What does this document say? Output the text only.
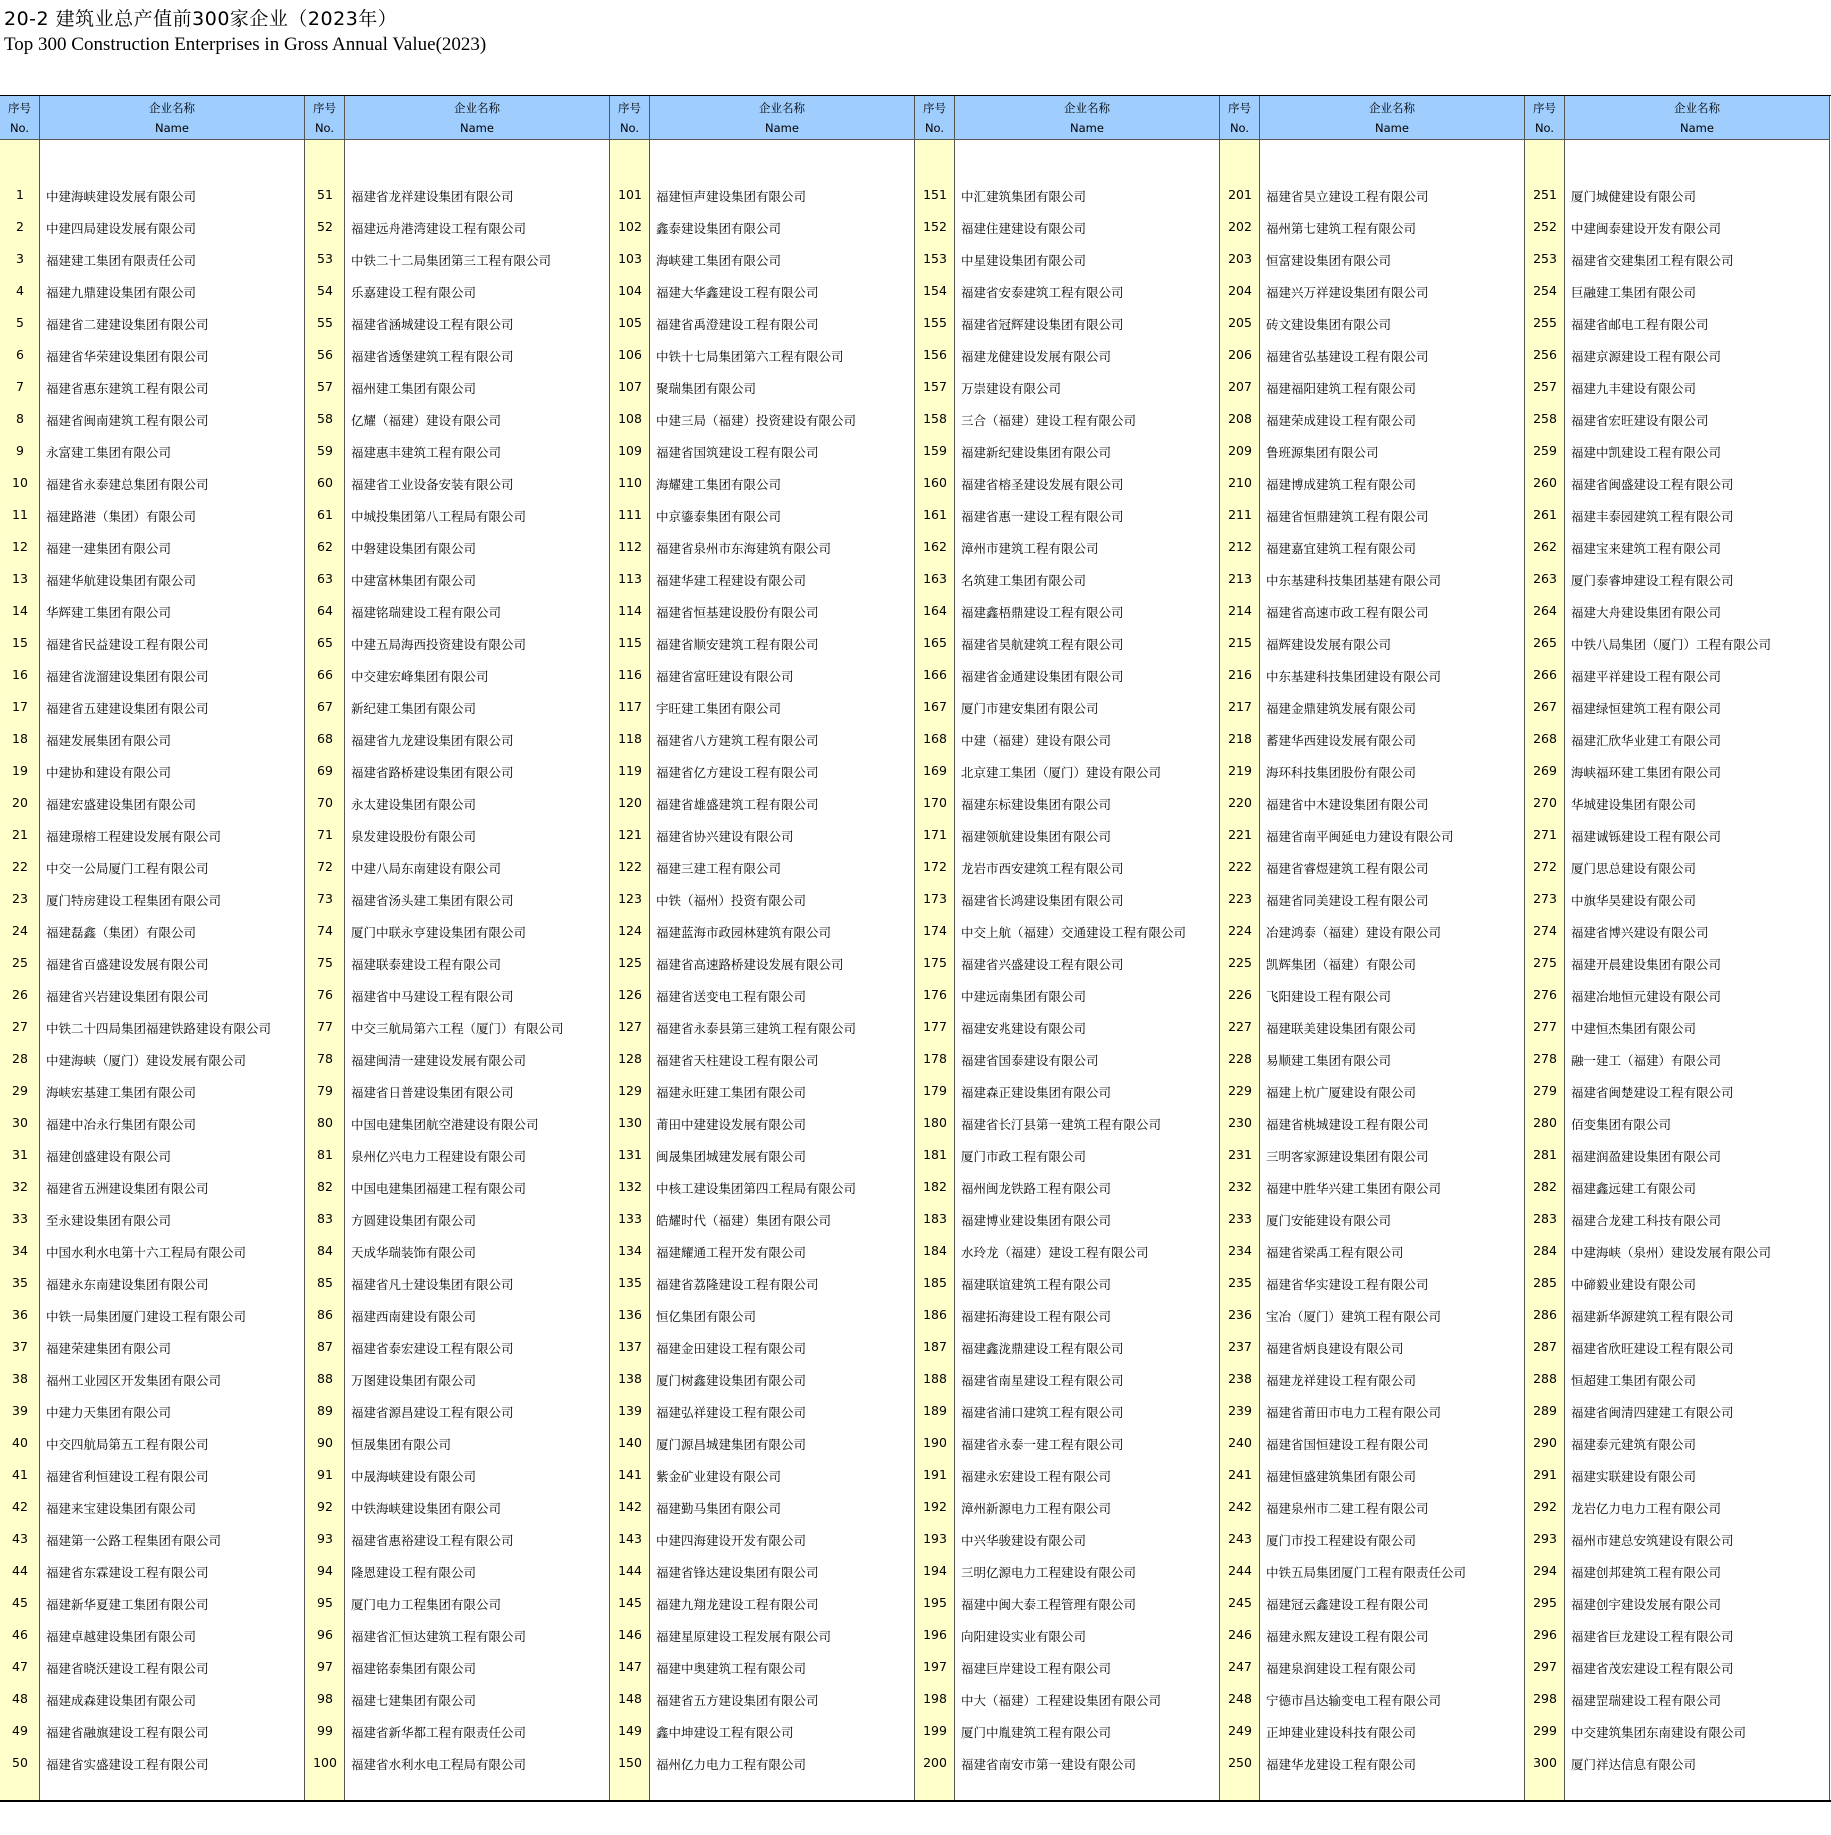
20-2 建筑业总产值前300家企业（2023年）
Top 300 Construction Enterprises in Gross Annual Value(2023)
序号
No.
企业名称
Name
1	中建海峡建设发展有限公司
2	中建四局建设发展有限公司
3	福建建工集团有限责任公司
4	福建九鼎建设集团有限公司
5	福建省二建建设集团有限公司
6	福建省华荣建设集团有限公司
7	福建省惠东建筑工程有限公司
8	福建省闽南建筑工程有限公司
9	永富建工集团有限公司
10	福建省永泰建总集团有限公司
11	福建路港（集团）有限公司
12	福建一建集团有限公司
13	福建华航建设集团有限公司
14	华辉建工集团有限公司
15	福建省民益建设工程有限公司
16	福建省泷溜建设集团有限公司
17	福建省五建建设集团有限公司
18	福建发展集团有限公司
19	中建协和建设有限公司
20	福建宏盛建设集团有限公司
21	福建璟榕工程建设发展有限公司
22	中交一公局厦门工程有限公司
23	厦门特房建设工程集团有限公司
24	福建磊鑫（集团）有限公司
25	福建省百盛建设发展有限公司
26	福建省兴岩建设集团有限公司
27	中铁二十四局集团福建铁路建设有限公司
28	中建海峡（厦门）建设发展有限公司
29	海峡宏基建工集团有限公司
30	福建中冶永行集团有限公司
31	福建创盛建设有限公司
32	福建省五洲建设集团有限公司
33	至永建设集团有限公司
34	中国水利水电第十六工程局有限公司
35	福建永东南建设集团有限公司
36	中铁一局集团厦门建设工程有限公司
37	福建荣建集团有限公司
38	福州工业园区开发集团有限公司
39	中建力天集团有限公司
40	中交四航局第五工程有限公司
41	福建省利恒建设工程有限公司
42	福建来宝建设集团有限公司
43	福建第一公路工程集团有限公司
44	福建省东霖建设工程有限公司
45	福建新华夏建工集团有限公司
46	福建卓越建设集团有限公司
47	福建省晓沃建设工程有限公司
48	福建成森建设集团有限公司
49	福建省融旗建设工程有限公司
50	福建省实盛建设工程有限公司
序号
No.
企业名称
Name
51	福建省龙祥建设集团有限公司
52	福建远舟港湾建设工程有限公司
53	中铁二十二局集团第三工程有限公司
54	乐嘉建设工程有限公司
55	福建省涵城建设工程有限公司
56	福建省透堡建筑工程有限公司
57	福州建工集团有限公司
58	亿耀（福建）建设有限公司
59	福建惠丰建筑工程有限公司
60	福建省工业设备安装有限公司
61	中城投集团第八工程局有限公司
62	中磐建设集团有限公司
63	中建富林集团有限公司
64	福建铭瑞建设工程有限公司
65	中建五局海西投资建设有限公司
66	中交建宏峰集团有限公司
67	新纪建工集团有限公司
68	福建省九龙建设集团有限公司
69	福建省路桥建设集团有限公司
70	永太建设集团有限公司
71	泉发建设股份有限公司
72	中建八局东南建设有限公司
73	福建省汤头建工集团有限公司
74	厦门中联永亨建设集团有限公司
75	福建联泰建设工程有限公司
76	福建省中马建设工程有限公司
77	中交三航局第六工程（厦门）有限公司
78	福建闽清一建建设发展有限公司
79	福建省日普建设集团有限公司
80	中国电建集团航空港建设有限公司
81	泉州亿兴电力工程建设有限公司
82	中国电建集团福建工程有限公司
83	方圆建设集团有限公司
84	天成华瑞装饰有限公司
85	福建省凡士建设集团有限公司
86	福建西南建设有限公司
87	福建省泰宏建设工程有限公司
88	万图建设集团有限公司
89	福建省源昌建设工程有限公司
90	恒晟集团有限公司
91	中晟海峡建设有限公司
92	中铁海峡建设集团有限公司
93	福建省惠裕建设工程有限公司
94	隆恩建设工程有限公司
95	厦门电力工程集团有限公司
96	福建省汇恒达建筑工程有限公司
97	福建铭泰集团有限公司
98	福建七建集团有限公司
99	福建省新华都工程有限责任公司
100	福建省水利水电工程局有限公司
序号
No.
企业名称
Name
101	福建恒声建设集团有限公司
102	鑫泰建设集团有限公司
103	海峡建工集团有限公司
104	福建大华鑫建设工程有限公司
105	福建省禹澄建设工程有限公司
106	中铁十七局集团第六工程有限公司
107	聚瑞集团有限公司
108	中建三局（福建）投资建设有限公司
109	福建省国筑建设工程有限公司
110	海耀建工集团有限公司
111	中京鎏泰集团有限公司
112	福建省泉州市东海建筑有限公司
113	福建华建工程建设有限公司
114	福建省恒基建设股份有限公司
115	福建省顺安建筑工程有限公司
116	福建省富旺建设有限公司
117	宇旺建工集团有限公司
118	福建省八方建筑工程有限公司
119	福建省亿方建设工程有限公司
120	福建省雄盛建筑工程有限公司
121	福建省协兴建设有限公司
122	福建三建工程有限公司
123	中铁（福州）投资有限公司
124	福建蓝海市政园林建筑有限公司
125	福建省高速路桥建设发展有限公司
126	福建省送变电工程有限公司
127	福建省永泰县第三建筑工程有限公司
128	福建省天柱建设工程有限公司
129	福建永旺建工集团有限公司
130	莆田中建建设发展有限公司
131	闽晟集团城建发展有限公司
132	中核工建设集团第四工程局有限公司
133	皓耀时代（福建）集团有限公司
134	福建耀通工程开发有限公司
135	福建省荔隆建设工程有限公司
136	恒亿集团有限公司
137	福建金田建设工程有限公司
138	厦门树鑫建设集团有限公司
139	福建弘祥建设工程有限公司
140	厦门源昌城建集团有限公司
141	紫金矿业建设有限公司
142	福建勤马集团有限公司
143	中建四海建设开发有限公司
144	福建省锋达建设集团有限公司
145	福建九翔龙建设工程有限公司
146	福建星原建设工程发展有限公司
147	福建中奥建筑工程有限公司
148	福建省五方建设集团有限公司
149	鑫中坤建设工程有限公司
150	福州亿力电力工程有限公司
序号
No.
企业名称
Name
151	中汇建筑集团有限公司
152	福建住建建设有限公司
153	中星建设集团有限公司
154	福建省安泰建筑工程有限公司
155	福建省冠辉建设集团有限公司
156	福建龙健建设发展有限公司
157	万崇建设有限公司
158	三合（福建）建设工程有限公司
159	福建新纪建设集团有限公司
160	福建省榕圣建设发展有限公司
161	福建省惠一建设工程有限公司
162	漳州市建筑工程有限公司
163	名筑建工集团有限公司
164	福建鑫梧鼎建设工程有限公司
165	福建省昊航建筑工程有限公司
166	福建省金通建设集团有限公司
167	厦门市建安集团有限公司
168	中建（福建）建设有限公司
169	北京建工集团（厦门）建设有限公司
170	福建东标建设集团有限公司
171	福建领航建设集团有限公司
172	龙岩市西安建筑工程有限公司
173	福建省长鸿建设集团有限公司
174	中交上航（福建）交通建设工程有限公司
175	福建省兴盛建设工程有限公司
176	中建远南集团有限公司
177	福建安兆建设有限公司
178	福建省国泰建设有限公司
179	福建森正建设集团有限公司
180	福建省长汀县第一建筑工程有限公司
181	厦门市政工程有限公司
182	福州闽龙铁路工程有限公司
183	福建博业建设集团有限公司
184	水玲龙（福建）建设工程有限公司
185	福建联谊建筑工程有限公司
186	福建拓海建设工程有限公司
187	福建鑫泷鼎建设工程有限公司
188	福建省南星建设工程有限公司
189	福建省浦口建筑工程有限公司
190	福建省永泰一建工程有限公司
191	福建永宏建设工程有限公司
192	漳州新源电力工程有限公司
193	中兴华骏建设有限公司
194	三明亿源电力工程建设有限公司
195	福建中闽大泰工程管理有限公司
196	向阳建设实业有限公司
197	福建巨岸建设工程有限公司
198	中大（福建）工程建设集团有限公司
199	厦门中胤建筑工程有限公司
200	福建省南安市第一建设有限公司
序号
No.
企业名称
Name
201	福建省昊立建设工程有限公司
202	福州第七建筑工程有限公司
203	恒富建设集团有限公司
204	福建兴万祥建设集团有限公司
205	砖文建设集团有限公司
206	福建省弘基建设工程有限公司
207	福建福阳建筑工程有限公司
208	福建荣成建设工程有限公司
209	鲁班源集团有限公司
210	福建博成建筑工程有限公司
211	福建省恒鼎建筑工程有限公司
212	福建嘉宜建筑工程有限公司
213	中东基建科技集团基建有限公司
214	福建省高速市政工程有限公司
215	福辉建设发展有限公司
216	中东基建科技集团建设有限公司
217	福建金鼎建筑发展有限公司
218	蓄建华西建设发展有限公司
219	海环科技集团股份有限公司
220	福建省中木建设集团有限公司
221	福建省南平闽延电力建设有限公司
222	福建省睿煜建筑工程有限公司
223	福建省同美建设工程有限公司
224	冶建鸿泰（福建）建设有限公司
225	凯辉集团（福建）有限公司
226	飞阳建设工程有限公司
227	福建联美建设集团有限公司
228	易顺建工集团有限公司
229	福建上杭广厦建设有限公司
230	福建省桃城建设工程有限公司
231	三明客家源建设集团有限公司
232	福建中胜华兴建工集团有限公司
233	厦门安能建设有限公司
234	福建省梁禹工程有限公司
235	福建省华实建设工程有限公司
236	宝冶（厦门）建筑工程有限公司
237	福建省炳良建设有限公司
238	福建龙祥建设工程有限公司
239	福建省莆田市电力工程有限公司
240	福建省国恒建设工程有限公司
241	福建恒盛建筑集团有限公司
242	福建泉州市二建工程有限公司
243	厦门市投工程建设有限公司
244	中铁五局集团厦门工程有限责任公司
245	福建冠云鑫建设工程有限公司
246	福建永熙友建设工程有限公司
247	福建泉润建设工程有限公司
248	宁德市昌达输变电工程有限公司
249	正坤建业建设科技有限公司
250	福建华龙建设工程有限公司
序号
No.
企业名称
Name
251	厦门城健建设有限公司
252	中建闽泰建设开发有限公司
253	福建省交建集团工程有限公司
254	巨融建工集团有限公司
255	福建省邮电工程有限公司
256	福建京源建设工程有限公司
257	福建九丰建设有限公司
258	福建省宏旺建设有限公司
259	福建中凯建设工程有限公司
260	福建省闽盛建设工程有限公司
261	福建丰泰园建筑工程有限公司
262	福建宝来建筑工程有限公司
263	厦门泰睿坤建设工程有限公司
264	福建大舟建设集团有限公司
265	中铁八局集团（厦门）工程有限公司
266	福建平祥建设工程有限公司
267	福建绿恒建筑工程有限公司
268	福建汇欣华业建工有限公司
269	海峡福环建工集团有限公司
270	华城建设集团有限公司
271	福建诚铄建设工程有限公司
272	厦门思总建设有限公司
273	中旗华昊建设有限公司
274	福建省博兴建设有限公司
275	福建开晨建设集团有限公司
276	福建冶地恒元建设有限公司
277	中建恒杰集团有限公司
278	融一建工（福建）有限公司
279	福建省闽楚建设工程有限公司
280	佰变集团有限公司
281	福建润盈建设集团有限公司
282	福建鑫远建工有限公司
283	福建合龙建工科技有限公司
284	中建海峡（泉州）建设发展有限公司
285	中碲毅业建设有限公司
286	福建新华源建筑工程有限公司
287	福建省欣旺建设工程有限公司
288	恒超建工集团有限公司
289	福建省闽清四建建工有限公司
290	福建泰元建筑有限公司
291	福建实联建设有限公司
292	龙岩亿力电力工程有限公司
293	福州市建总安筑建设有限公司
294	福建创邦建筑工程有限公司
295	福建创宇建设发展有限公司
296	福建省巨龙建设工程有限公司
297	福建省茂宏建设工程有限公司
298	福建罡瑞建设工程有限公司
299	中交建筑集团东南建设有限公司
300	厦门祥达信息有限公司
